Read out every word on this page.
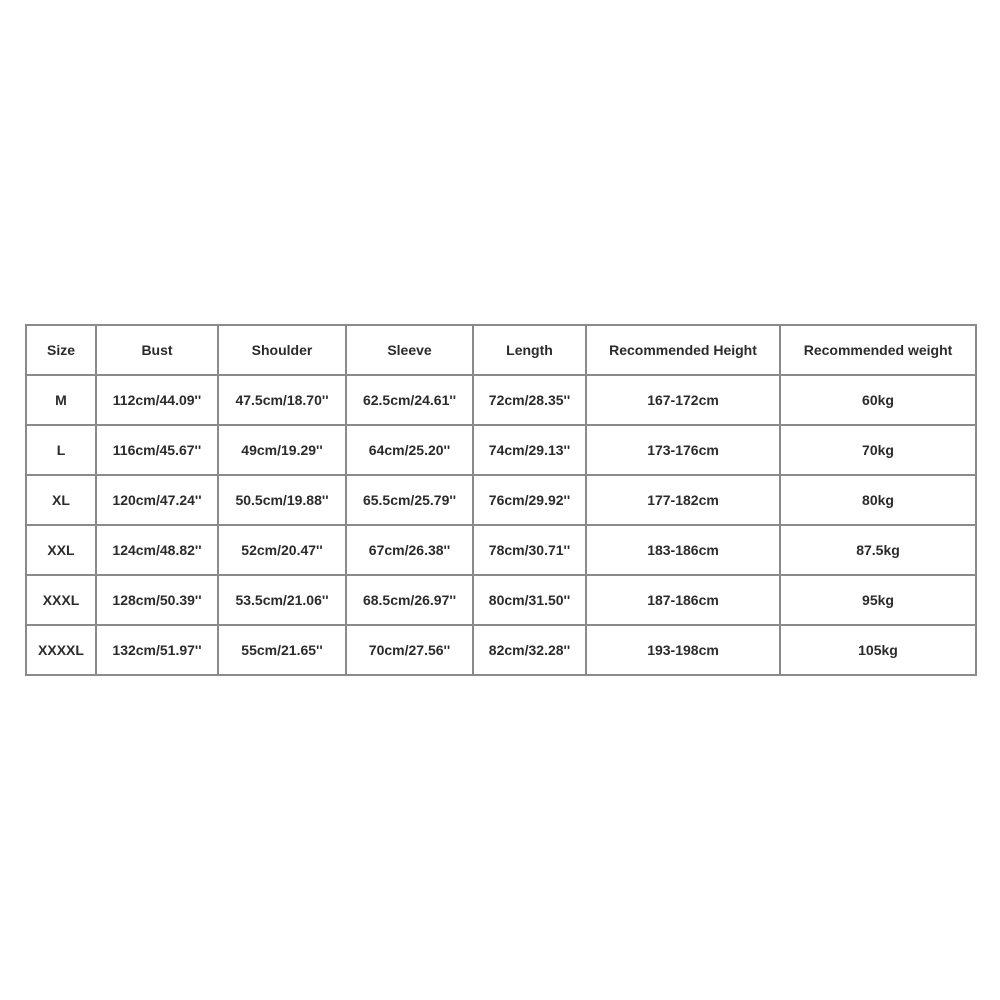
Size	Bust	Shoulder	Sleeve	Length	Recommended Height	Recommended weight
M	112cm/44.09''	47.5cm/18.70''	62.5cm/24.61''	72cm/28.35''	167-172cm	60kg
L	116cm/45.67''	49cm/19.29''	64cm/25.20''	74cm/29.13''	173-176cm	70kg
XL	120cm/47.24''	50.5cm/19.88''	65.5cm/25.79''	76cm/29.92''	177-182cm	80kg
XXL	124cm/48.82''	52cm/20.47''	67cm/26.38''	78cm/30.71''	183-186cm	87.5kg
XXXL	128cm/50.39''	53.5cm/21.06''	68.5cm/26.97''	80cm/31.50''	187-186cm	95kg
XXXXL	132cm/51.97''	55cm/21.65''	70cm/27.56''	82cm/32.28''	193-198cm	105kg
